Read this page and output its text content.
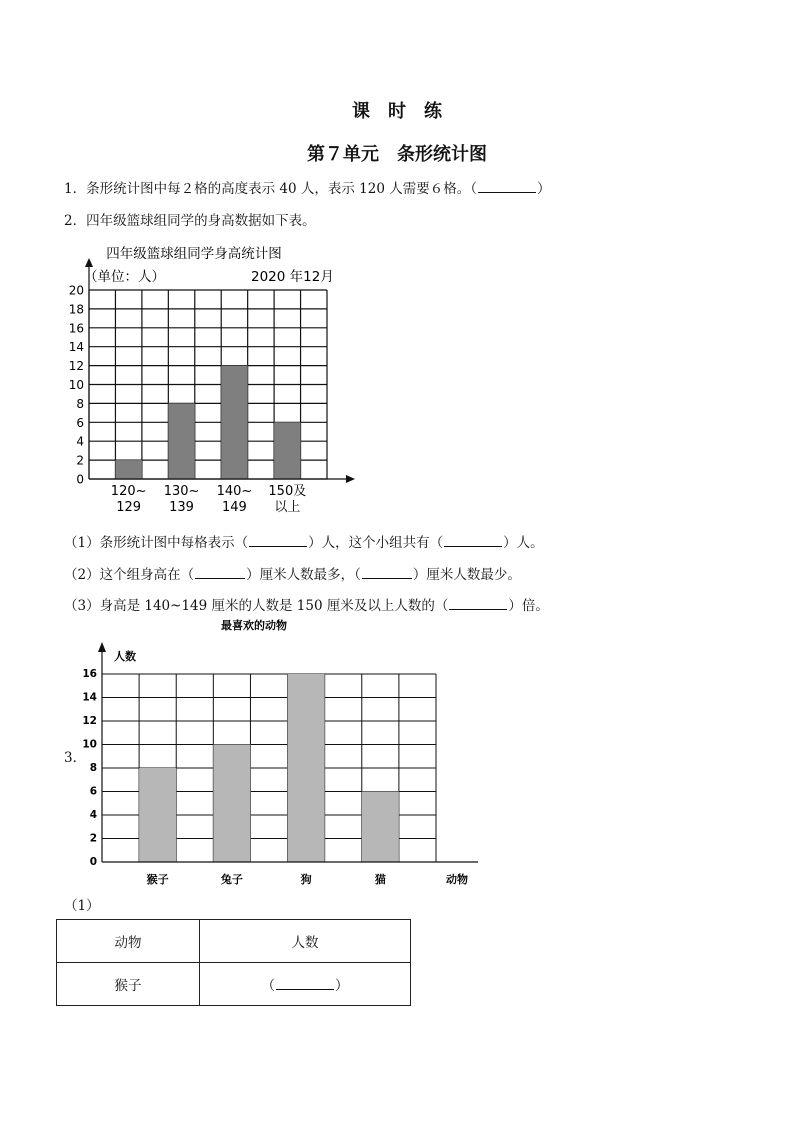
课　时　练
第７单元　条形统计图
1．条形统计图中每２格的高度表示 40 人，表示 120 人需要６格。（	）
2．四年级篮球组同学的身高数据如下表。
四年级篮球组同学身高统计图
（单位：人）	2020 年12月
0
2
4
6
8
10
12
14
16
18
20
120~
129
130~
139
140~
149
150及
以上
（1）条形统计图中每格表示（	）人，这个小组共有（	）人。
（2）这个组身高在（	）厘米人数最多，（	）厘米人数最少。
（3）身高是 140~149 厘米的人数是 150 厘米及以上人数的（	）倍。
最喜欢的动物
人数
动物
0
2
4
6
8
10
12
14
16
猴子	兔子	狗	猫
3．
（1）
动物	人数
猴子	（ ）
